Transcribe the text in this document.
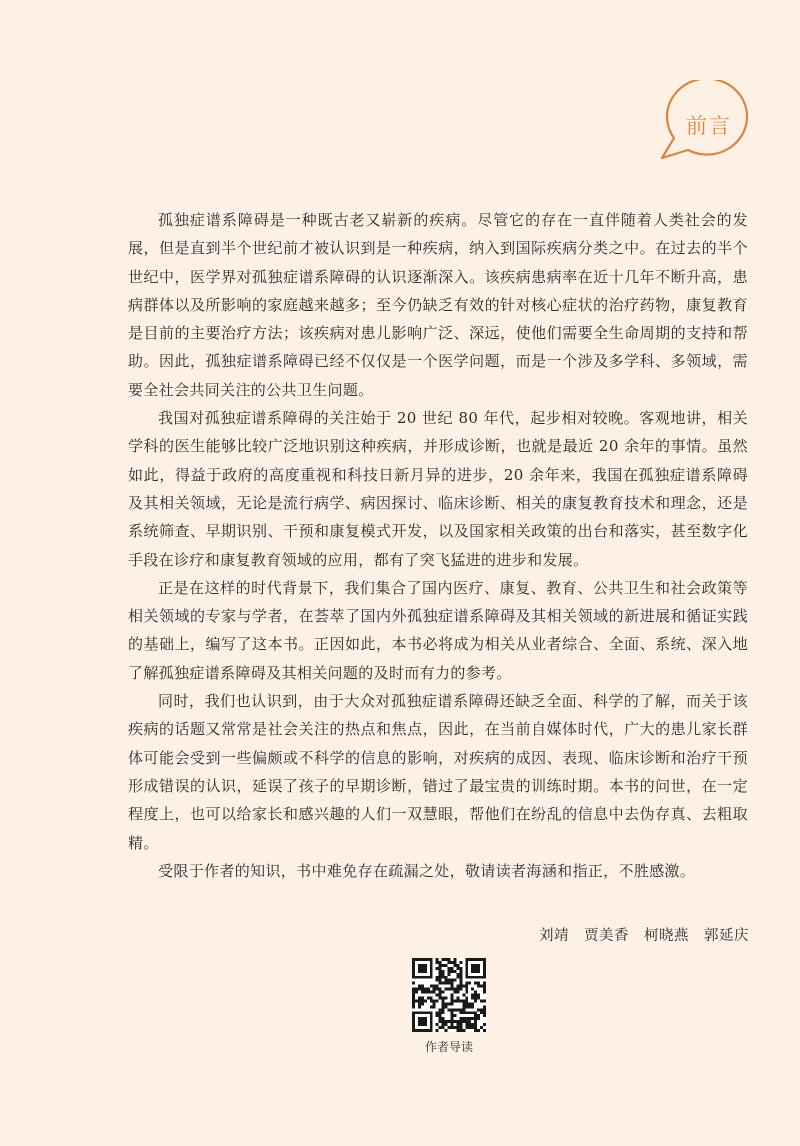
前言

孤独症谱系障碍是一种既古老又崭新的疾病。尽管它的存在一直伴随着人类社会的发展，但是直到半个世纪前才被认识到是一种疾病，纳入到国际疾病分类之中。在过去的半个世纪中，医学界对孤独症谱系障碍的认识逐渐深入。该疾病患病率在近十几年不断升高，患病群体以及所影响的家庭越来越多；至今仍缺乏有效的针对核心症状的治疗药物，康复教育是目前的主要治疗方法；该疾病对患儿影响广泛、深远，使他们需要全生命周期的支持和帮助。因此，孤独症谱系障碍已经不仅仅是一个医学问题，而是一个涉及多学科、多领域，需要全社会共同关注的公共卫生问题。

我国对孤独症谱系障碍的关注始于 20 世纪 80 年代，起步相对较晚。客观地讲，相关学科的医生能够比较广泛地识别这种疾病，并形成诊断，也就是最近 20 余年的事情。虽然如此，得益于政府的高度重视和科技日新月异的进步，20 余年来，我国在孤独症谱系障碍及其相关领域，无论是流行病学、病因探讨、临床诊断、相关的康复教育技术和理念，还是系统筛查、早期识别、干预和康复模式开发，以及国家相关政策的出台和落实，甚至数字化手段在诊疗和康复教育领域的应用，都有了突飞猛进的进步和发展。

正是在这样的时代背景下，我们集合了国内医疗、康复、教育、公共卫生和社会政策等相关领域的专家与学者，在荟萃了国内外孤独症谱系障碍及其相关领域的新进展和循证实践的基础上，编写了这本书。正因如此，本书必将成为相关从业者综合、全面、系统、深入地了解孤独症谱系障碍及其相关问题的及时而有力的参考。

同时，我们也认识到，由于大众对孤独症谱系障碍还缺乏全面、科学的了解，而关于该疾病的话题又常常是社会关注的热点和焦点，因此，在当前自媒体时代，广大的患儿家长群体可能会受到一些偏颇或不科学的信息的影响，对疾病的成因、表现、临床诊断和治疗干预形成错误的认识，延误了孩子的早期诊断，错过了最宝贵的训练时期。本书的问世，在一定程度上，也可以给家长和感兴趣的人们一双慧眼，帮他们在纷乱的信息中去伪存真、去粗取精。

受限于作者的知识，书中难免存在疏漏之处，敬请读者海涵和指正，不胜感激。

刘靖　贾美香　柯晓燕　郭延庆
作者导读
